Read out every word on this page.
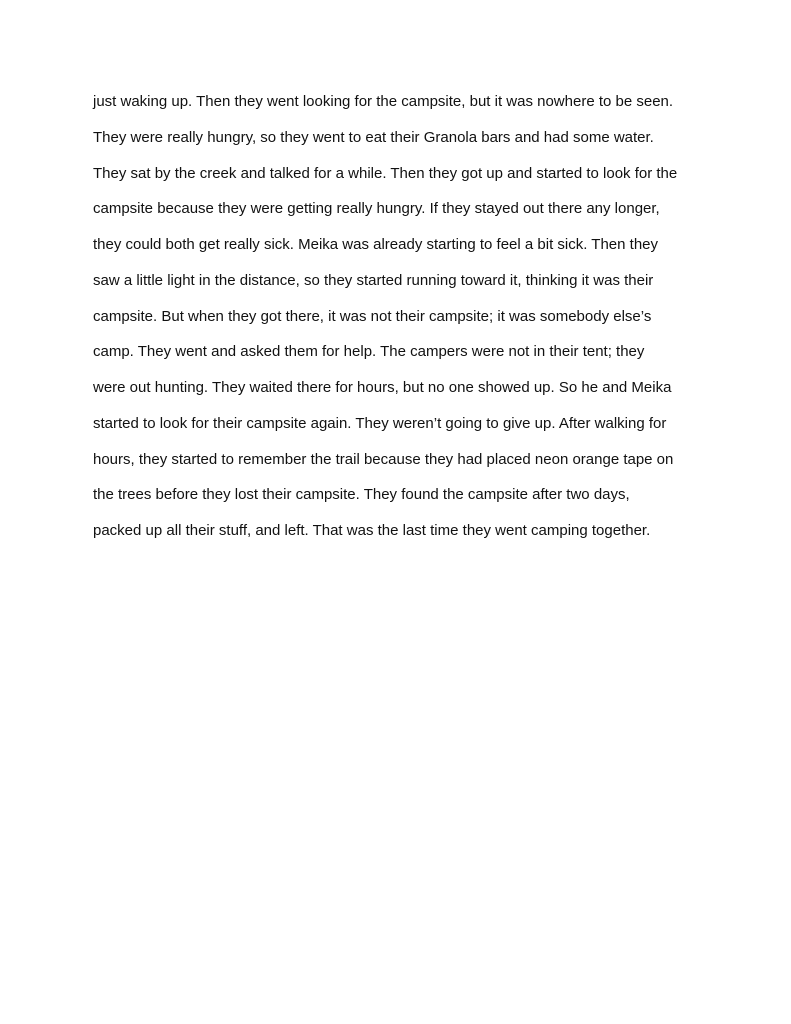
just waking up. Then they went looking for the campsite, but it was nowhere to be seen.
They were really hungry, so they went to eat their Granola bars and had some water.
They sat by the creek and talked for a while. Then they got up and started to look for the
campsite because they were getting really hungry. If they stayed out there any longer,
they could both get really sick. Meika was already starting to feel a bit sick. Then they
saw a little light in the distance, so they started running toward it, thinking it was their
campsite. But when they got there, it was not their campsite; it was somebody else’s
camp. They went and asked them for help. The campers were not in their tent; they
were out hunting. They waited there for hours, but no one showed up. So he and Meika
started to look for their campsite again. They weren’t going to give up. After walking for
hours, they started to remember the trail because they had placed neon orange tape on
the trees before they lost their campsite. They found the campsite after two days,
packed up all their stuff, and left. That was the last time they went camping together.
